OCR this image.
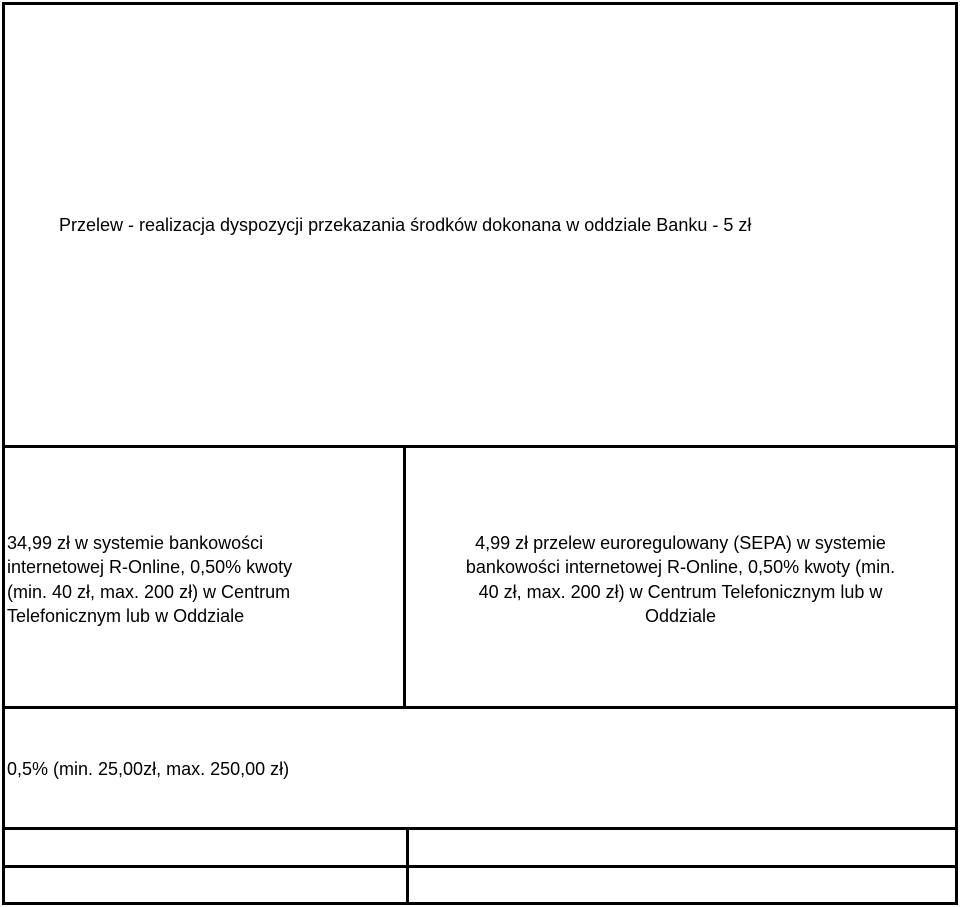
Przelew - realizacja dyspozycji przekazania środków dokonana w oddziale Banku - 5 zł
34,99 zł w systemie bankowości
internetowej R-Online, 0,50% kwoty
(min. 40 zł, max. 200 zł) w Centrum
Telefonicznym lub w Oddziale
4,99 zł przelew euroregulowany (SEPA) w systemie
bankowości internetowej R-Online, 0,50% kwoty (min.
40 zł, max. 200 zł) w Centrum Telefonicznym lub w
Oddziale
0,5% (min. 25,00zł, max. 250,00 zł)
